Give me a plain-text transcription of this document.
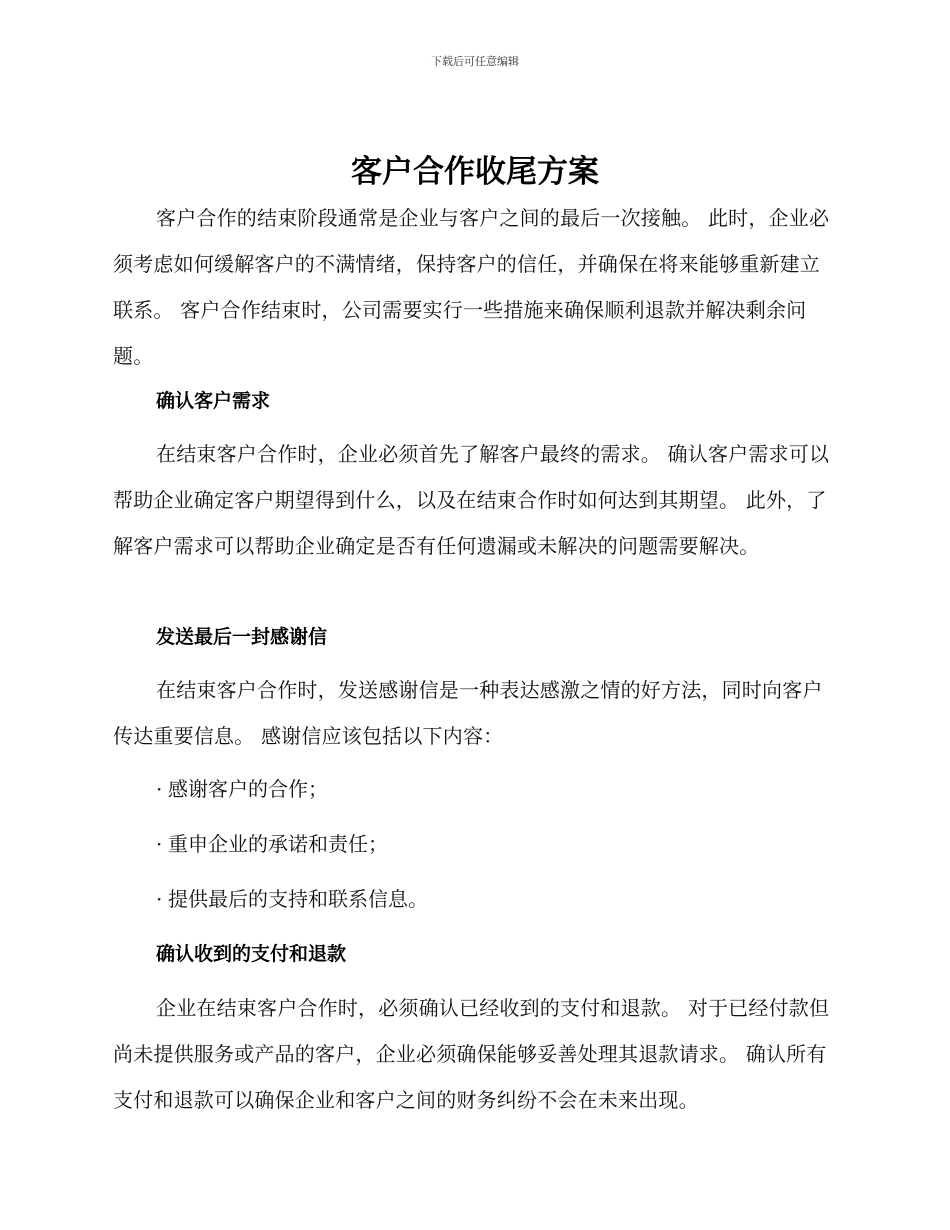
下载后可任意编辑
客户合作收尾方案

客户合作的结束阶段通常是企业与客户之间的最后一次接触。 此时，企业必须考虑如何缓解客户的不满情绪，保持客户的信任，并确保在将来能够重新建立联系。 客户合作结束时，公司需要实行一些措施来确保顺利退款并解决剩余问题。

确认客户需求

在结束客户合作时，企业必须首先了解客户最终的需求。 确认客户需求可以帮助企业确定客户期望得到什么，以及在结束合作时如何达到其期望。 此外，了解客户需求可以帮助企业确定是否有任何遗漏或未解决的问题需要解决。

发送最后一封感谢信

在结束客户合作时，发送感谢信是一种表达感激之情的好方法，同时向客户传达重要信息。 感谢信应该包括以下内容：

· 感谢客户的合作；

· 重申企业的承诺和责任；

· 提供最后的支持和联系信息。

确认收到的支付和退款

企业在结束客户合作时，必须确认已经收到的支付和退款。 对于已经付款但尚未提供服务或产品的客户，企业必须确保能够妥善处理其退款请求。 确认所有支付和退款可以确保企业和客户之间的财务纠纷不会在未来出现。
